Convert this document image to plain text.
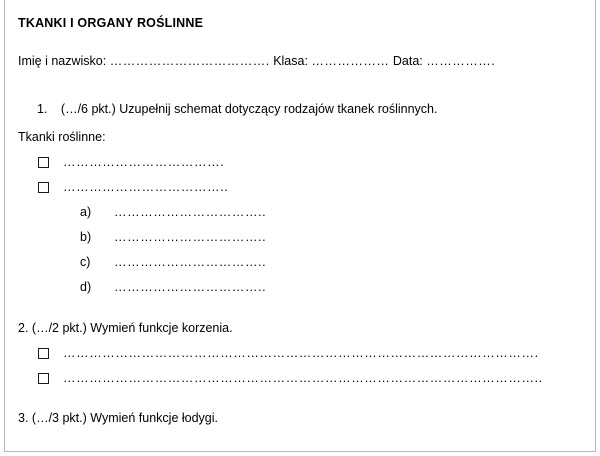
TKANKI I ORGANY ROŚLINNE
Imię i nazwisko: ………………………………. Klasa: ……………… Data: …………….
1. (…/6 pkt.) Uzupełnij schemat dotyczący rodzajów tkanek roślinnych.
Tkanki roślinne:
……………………………….
………………………………..
a)	……………………………..
b)	……………………………..
c)	……………………………..
d)	……………………………..
2. (…/2 pkt.) Wymień funkcje korzenia.
……………………………………………………………………………………………….
………………………………………………………………………………………………..
3. (…/3 pkt.) Wymień funkcje łodygi.
